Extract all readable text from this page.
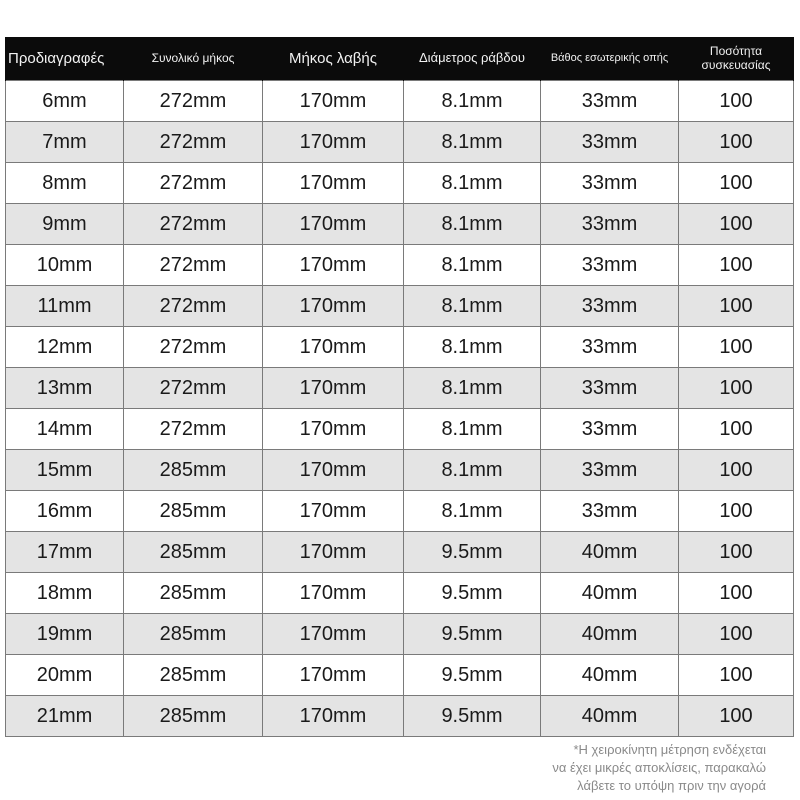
Προδιαγραφές	Συνολικό μήκος	Μήκος λαβής	Διάμετρος ράβδου	Βάθος εσωτερικής οπής	Ποσότητα συσκευασίας
6mm	272mm	170mm	8.1mm	33mm	100
7mm	272mm	170mm	8.1mm	33mm	100
8mm	272mm	170mm	8.1mm	33mm	100
9mm	272mm	170mm	8.1mm	33mm	100
10mm	272mm	170mm	8.1mm	33mm	100
11mm	272mm	170mm	8.1mm	33mm	100
12mm	272mm	170mm	8.1mm	33mm	100
13mm	272mm	170mm	8.1mm	33mm	100
14mm	272mm	170mm	8.1mm	33mm	100
15mm	285mm	170mm	8.1mm	33mm	100
16mm	285mm	170mm	8.1mm	33mm	100
17mm	285mm	170mm	9.5mm	40mm	100
18mm	285mm	170mm	9.5mm	40mm	100
19mm	285mm	170mm	9.5mm	40mm	100
20mm	285mm	170mm	9.5mm	40mm	100
21mm	285mm	170mm	9.5mm	40mm	100
*Η χειροκίνητη μέτρηση ενδέχεται
να έχει μικρές αποκλίσεις, παρακαλώ
λάβετε το υπόψη πριν την αγορά
